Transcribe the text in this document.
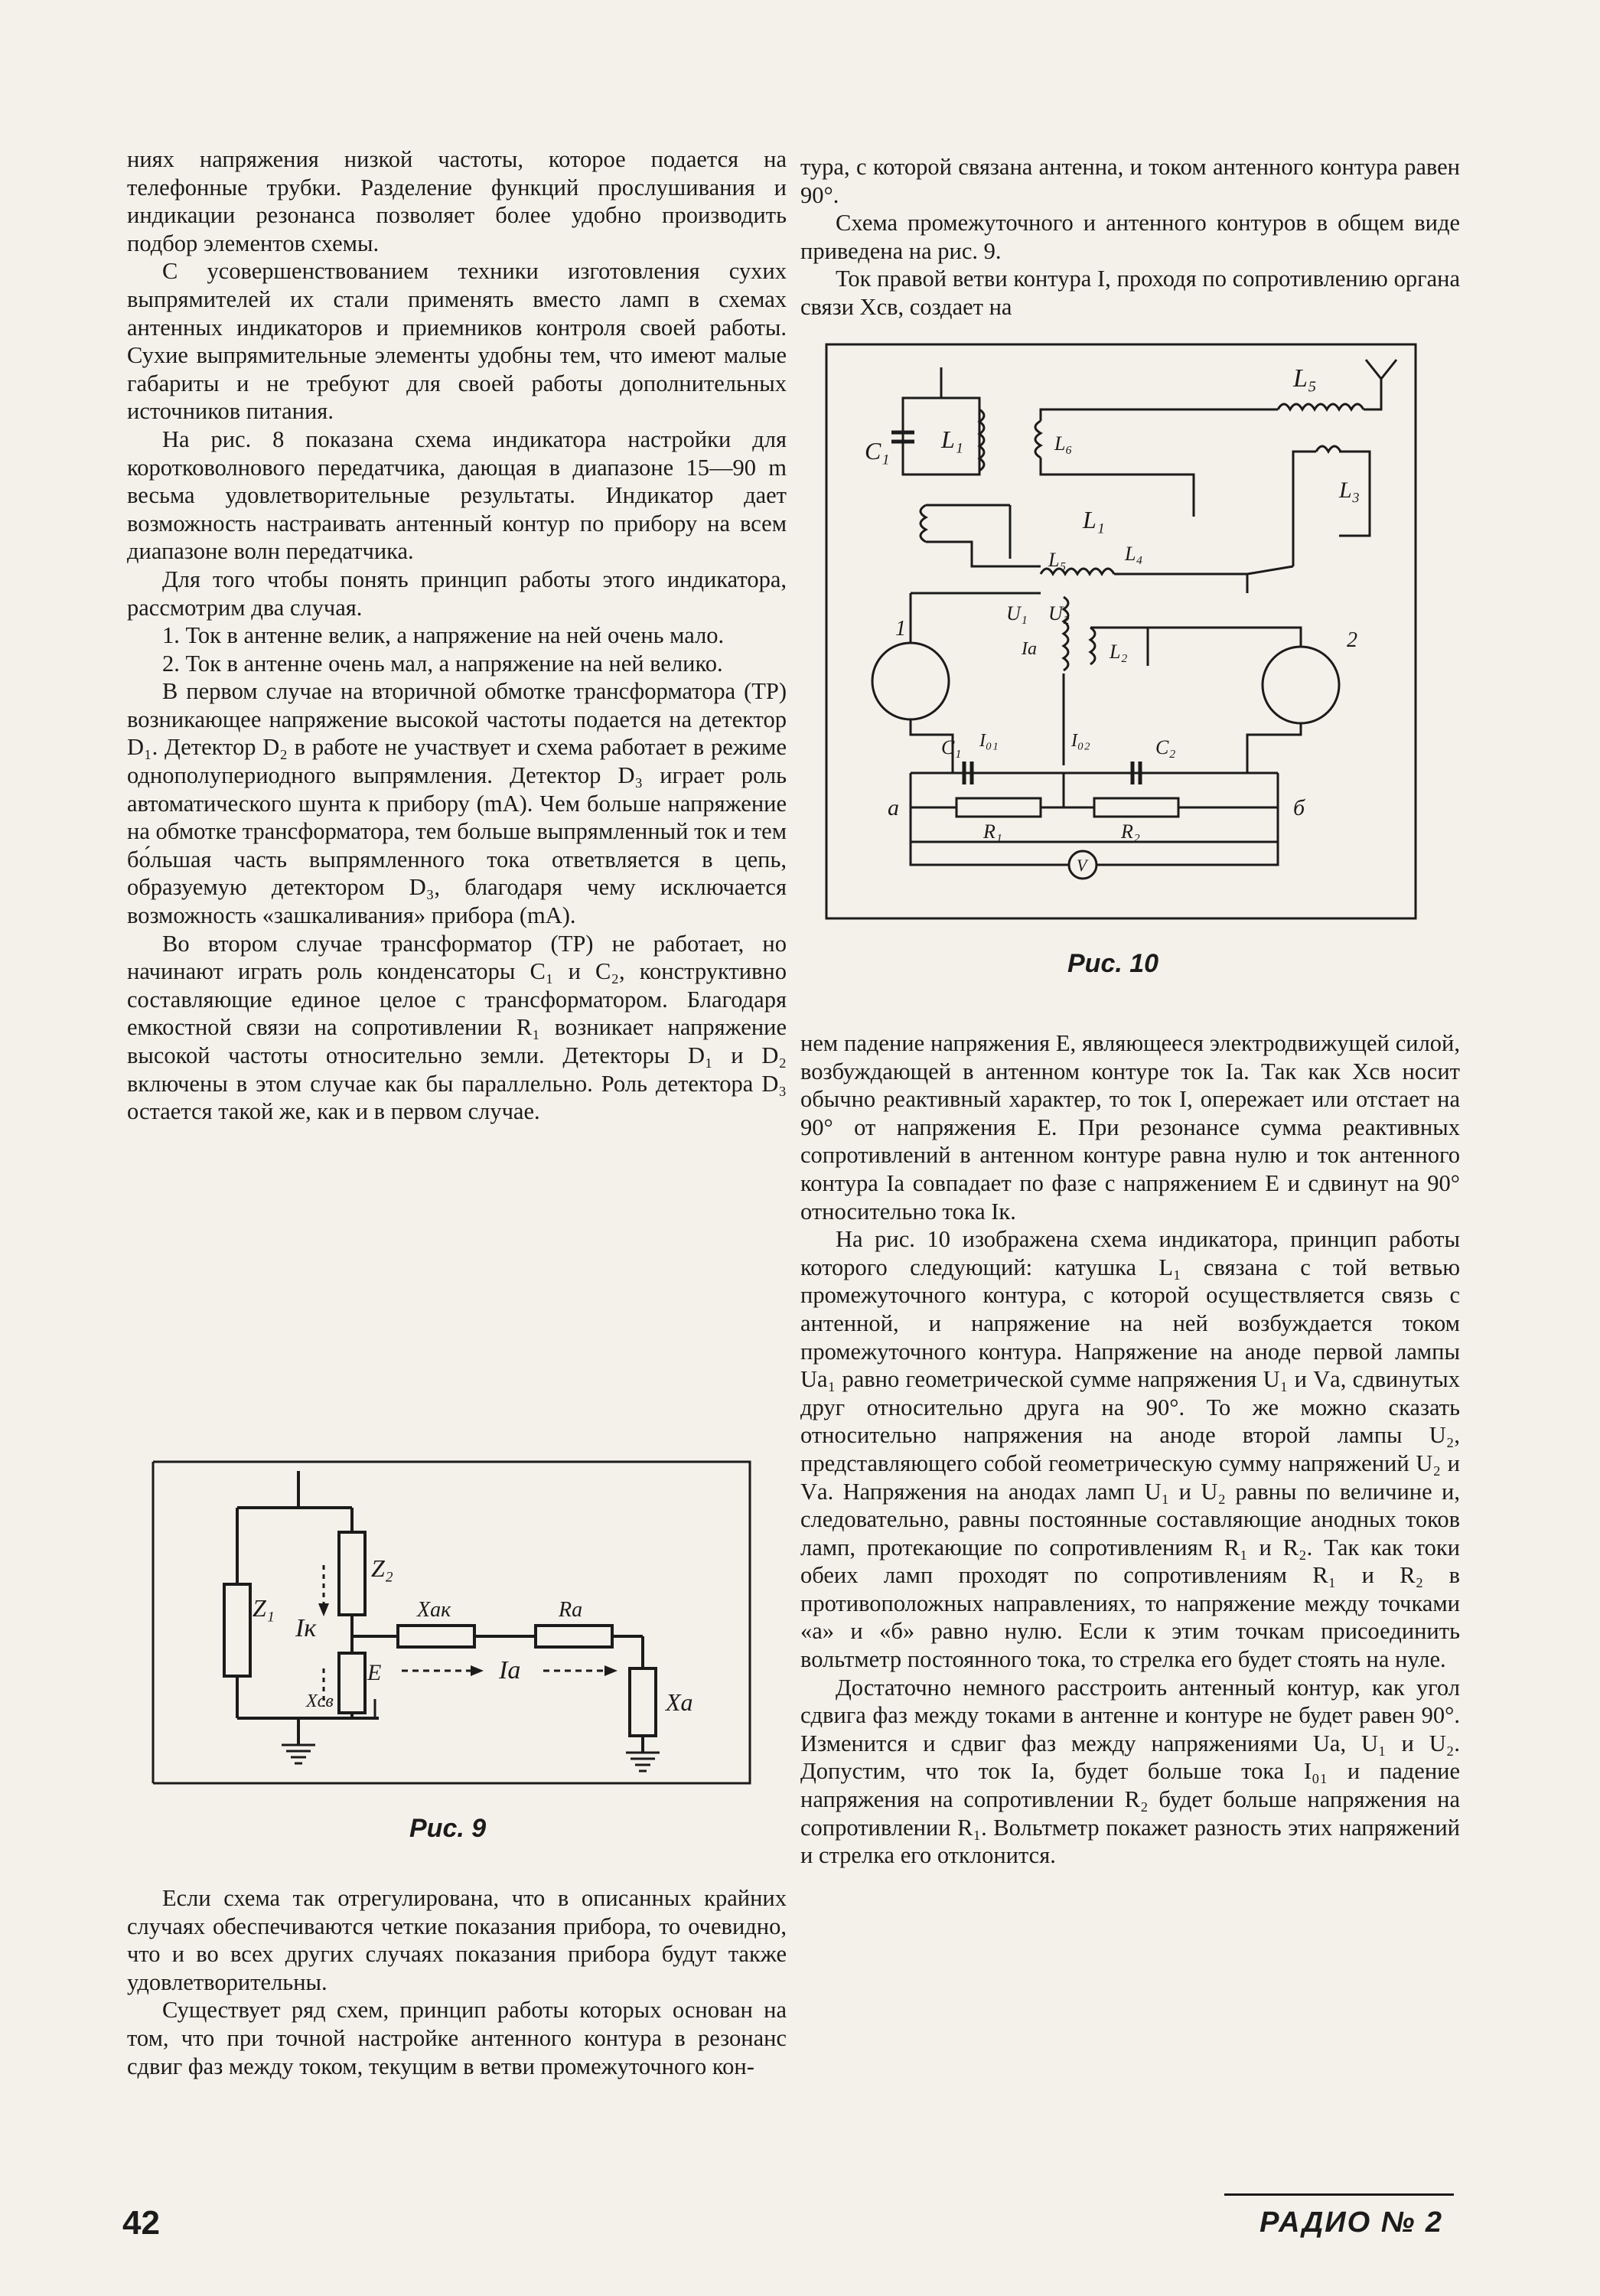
ниях напряжения низкой частоты, которое подается на телефонные трубки. Разделение функций прослушивания и индикации резонанса позволяет более удобно производить подбор элементов схемы.

С усовершенствованием техники изготовления сухих выпрямителей их стали применять вместо ламп в схемах антенных индикаторов и приемников контроля своей работы. Сухие выпрямительные элементы удобны тем, что имеют малые габариты и не требуют для своей работы дополнительных источников питания.

На рис. 8 показана схема индикатора настройки для коротковолнового передатчика, дающая в диапазоне 15—90 m весьма удовлетворительные результаты. Индикатор дает возможность настраивать антенный контур по прибору на всем диапазоне волн передатчика.

Для того чтобы понять принцип работы этого индикатора, рассмотрим два случая.

1. Ток в антенне велик, а напряжение на ней очень мало.

2. Ток в антенне очень мал, а напряжение на ней велико.

В первом случае на вторичной обмотке трансформатора (ТР) возникающее напряжение высокой частоты подается на детектор D₁. Детектор D₂ в работе не участвует и схема работает в режиме однополупериодного выпрямления. Детектор D₃ играет роль автоматического шунта к прибору (mA). Чем больше напряжение на обмотке трансформатора, тем больше выпрямленный ток и тем бо́льшая часть выпрямленного тока ответвляется в цепь, образуемую детектором D₃, благодаря чему исключается возможность «зашкаливания» прибора (mA).

Во втором случае трансформатор (ТР) не работает, но начинают играть роль конденсаторы C₁ и C₂, конструктивно составляющие единое целое с трансформатором. Благодаря емкостной связи на сопротивлении R₁ возникает напряжение высокой частоты относительно земли. Детекторы D₁ и D₂ включены в этом случае как бы параллельно. Роль детектора D₃ остается такой же, как и в первом случае.

Z₁
Z₂
Iк
Xсв
E
Xак	Rа
Iа
Xа
Рис. 9

Если схема так отрегулирована, что в описанных крайних случаях обеспечиваются четкие показания прибора, то очевидно, что и во всех других случаях показания прибора будут также удовлетворительны.

Существует ряд схем, принцип работы которых основан на том, что при точной настройке антенного контура в резонанс сдвиг фаз между током, текущим в ветви промежуточного кон-

тура, с которой связана антенна, и током антенного контура равен 90°.

Схема промежуточного и антенного контуров в общем виде приведена на рис. 9.

Ток правой ветви контура I, проходя по сопротивлению органа связи Xсв, создает на

C₁ L₁	L₆
L₅
L₃
L₁
L₅	L₄
U₁ U₂
L₂
Iа
1	2
C₁ I₀₁	I₀₂	C₂
а	б
R₁	R₂
V
Рис. 10

нем падение напряжения E, являющееся электродвижущей силой, возбуждающей в антенном контуре ток Iа. Так как Xсв носит обычно реактивный характер, то ток I, опережает или отстает на 90° от напряжения E. При резонансе сумма реактивных сопротивлений в антенном контуре равна нулю и ток антенного контура Iа совпадает по фазе с напряжением E и сдвинут на 90° относительно тока Iк.

На рис. 10 изображена схема индикатора, принцип работы которого следующий: катушка L₁ связана с той ветвью промежуточного контура, с которой осуществляется связь с антенной, и напряжение на ней возбуждается током промежуточного контура. Напряжение на аноде первой лампы Ua₁ равно геометрической сумме напряжения U₁ и Vа, сдвинутых друг относительно друга на 90°. То же можно сказать относительно напряжения на аноде второй лампы U₂, представляющего собой геометрическую сумму напряжений U₂ и Vа. Напряжения на анодах ламп U₁ и U₂ равны по величине и, следовательно, равны постоянные составляющие анодных токов ламп, протекающие по сопротивлениям R₁ и R₂. Так как токи обеих ламп проходят по сопротивлениям R₁ и R₂ в противоположных направлениях, то напряжение между точками «а» и «б» равно нулю. Если к этим точкам присоединить вольтметр постоянного тока, то стрелка его будет стоять на нуле.

Достаточно немного расстроить антенный контур, как угол сдвига фаз между токами в антенне и контуре не будет равен 90°. Изменится и сдвиг фаз между напряжениями Ua, U₁ и U₂. Допустим, что ток Iа, будет больше тока I₀₁ и падение напряжения на сопротивлении R₂ будет больше напряжения на сопротивлении R₁. Вольтметр покажет разность этих напряжений и стрелка его отклонится.

42	РАДИО № 2
